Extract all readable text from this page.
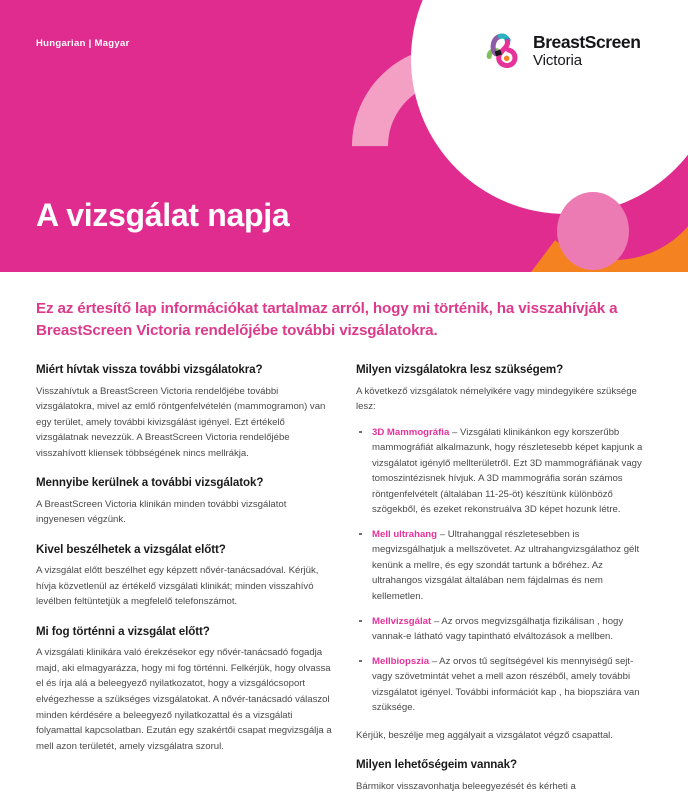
Hungarian | Magyar
A vizsgálat napja
BreastScreen
Victoria

Ez az értesítő lap információkat tartalmaz arról, hogy mi történik, ha visszahívják a BreastScreen Victoria rendelőjébe további vizsgálatokra.

Miért hívtak vissza további vizsgálatokra?

Visszahívtuk a BreastScreen Victoria rendelőjébe további vizsgálatokra, mivel az emlő röntgenfelvételén (mammogramon) van egy terület, amely további kivizsgálást igényel. Ezt értékelő vizsgálatnak nevezzük. A BreastScreen Victoria rendelőjébe visszahívott kliensek többségének nincs mellrákja.

Mennyibe kerülnek a további vizsgálatok?

A BreastScreen Victoria klinikán minden további vizsgálatot ingyenesen végzünk.

Kivel beszélhetek a vizsgálat előtt?

A vizsgálat előtt beszélhet egy képzett nővér-tanácsadóval. Kérjük, hívja közvetlenül az értékelő vizsgálati klinikát; minden visszahívó levélben feltüntetjük a megfelelő telefonszámot.

Mi fog történni a vizsgálat előtt?

A vizsgálati klinikára való érekzésekor egy nővér-tanácsadó fogadja majd, aki elmagyarázza, hogy mi fog történni. Felkérjük, hogy olvassa el és írja alá a beleegyező nyilatkozatot, hogy a vizsgálócsoport elvégezhesse a szükséges vizsgálatokat. A nővér-tanácsadó válaszol minden kérdésére a beleegyező nyilatkozattal és a vizsgálati folyamattal kapcsolatban. Ezután egy szakértői csapat megvizsgálja a mell azon területét, amely vizsgálatra szorul.

Milyen vizsgálatokra lesz szükségem?

A következő vizsgálatok némelyikére vagy mindegyikére szüksége lesz:

3D Mammográfia – Vizsgálati klinikánkon egy korszerűbb mammográfiát alkalmazunk, hogy részletesebb képet kapjunk a vizsgálatot igénylő mellterületről. Ezt 3D mammográfiának vagy tomoszintézisnek hívjuk. A 3D mammográfia során számos röntgenfelvételt (általában 11-25-öt) készítünk különböző szögekből, és ezeket rekonstruálva 3D képet hozunk létre.
Mell ultrahang – Ultrahanggal részletesebben is megvizsgálhatjuk a mellszövetet. Az ultrahangvizsgálathoz gélt kenünk a mellre, és egy szondát tartunk a bőréhez. Az ultrahangos vizsgálat általában nem fájdalmas és nem kellemetlen.
Mellvizsgálat – Az orvos megvizsgálhatja fizikálisan , hogy vannak-e látható vagy tapintható elváltozások a mellben.
Mellbiopszia – Az orvos tű segítségével kis mennyiségű sejt- vagy szövetmintát vehet a mell azon részéből, amely további vizsgálatot igényel. További információt kap , ha biopsziára van szüksége.

Kérjük, beszélje meg aggályait a vizsgálatot végző csapattal.

Milyen lehetőségeim vannak?

Bármikor visszavonhatja beleegyezését és kérheti a
